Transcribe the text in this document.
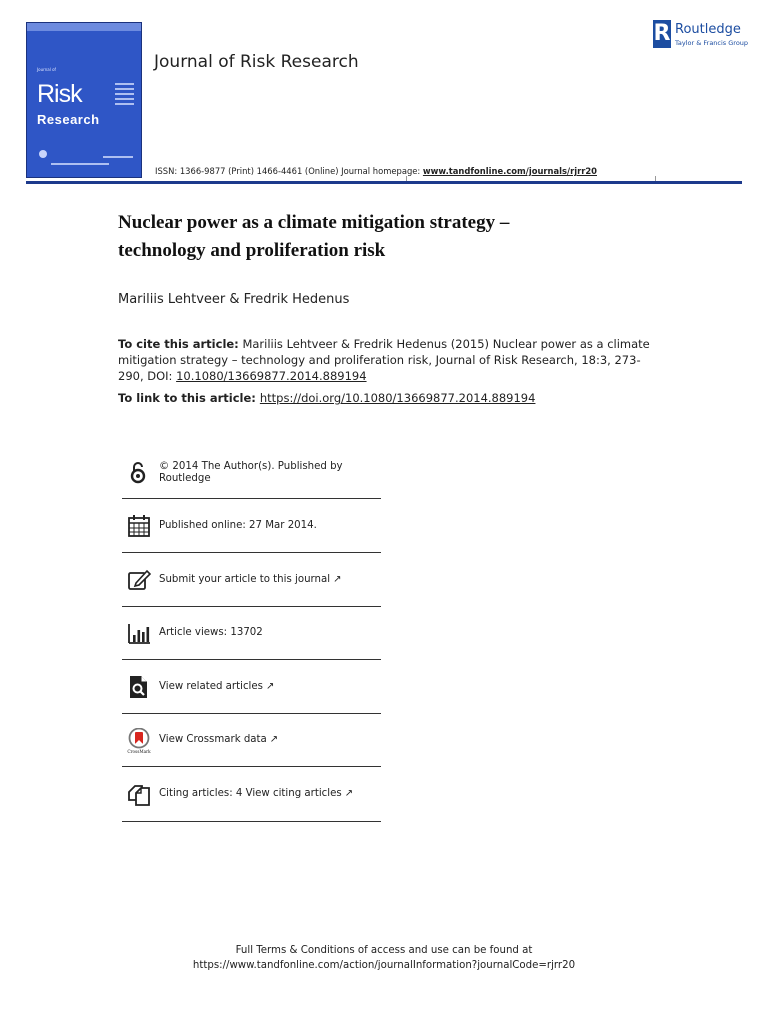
Journal of
Risk
Research
Journal of Risk Research
R Routledge
Taylor & Francis Group
ISSN: 1366-9877 (Print) 1466-4461 (Online) Journal homepage: www.tandfonline.com/journals/rjrr20
Nuclear power as a climate mitigation strategy –
technology and proliferation risk
Mariliis Lehtveer & Fredrik Hedenus
To cite this article: Mariliis Lehtveer & Fredrik Hedenus (2015) Nuclear power as a climate mitigation strategy – technology and proliferation risk, Journal of Risk Research, 18:3, 273-290, DOI: 10.1080/13669877.2014.889194
To link to this article: https://doi.org/10.1080/13669877.2014.889194
© 2014 The Author(s). Published by Routledge
Published online: 27 Mar 2014.
Submit your article to this journal ↗
Article views: 13702
View related articles ↗
CrossMark
View Crossmark data ↗
Citing articles: 4 View citing articles ↗
Full Terms & Conditions of access and use can be found at
https://www.tandfonline.com/action/journalInformation?journalCode=rjrr20
